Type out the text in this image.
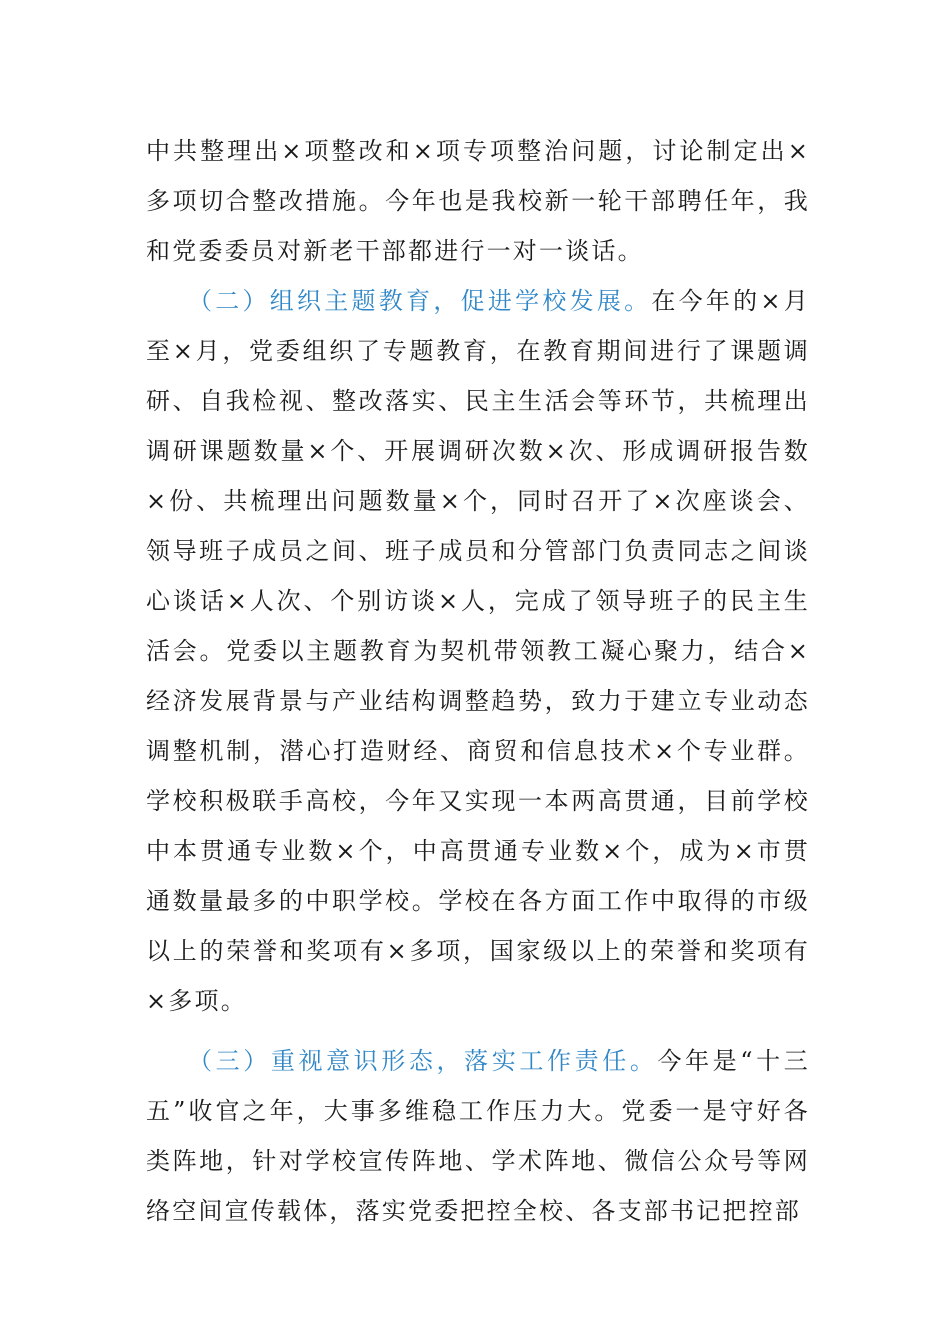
中共整理出×项整改和×项专项整治问题，讨论制定出×多项切合整改措施。今年也是我校新一轮干部聘任年，我和党委委员对新老干部都进行一对一谈话。

（二）组织主题教育，促进学校发展。在今年的×月至×月，党委组织了专题教育，在教育期间进行了课题调研、自我检视、整改落实、民主生活会等环节，共梳理出调研课题数量×个、开展调研次数×次、形成调研报告数×份、共梳理出问题数量×个，同时召开了×次座谈会、领导班子成员之间、班子成员和分管部门负责同志之间谈心谈话×人次、个别访谈×人，完成了领导班子的民主生活会。党委以主题教育为契机带领教工凝心聚力，结合×经济发展背景与产业结构调整趋势，致力于建立专业动态调整机制，潜心打造财经、商贸和信息技术×个专业群。学校积极联手高校，今年又实现一本两高贯通，目前学校中本贯通专业数×个，中高贯通专业数×个，成为×市贯通数量最多的中职学校。学校在各方面工作中取得的市级以上的荣誉和奖项有×多项，国家级以上的荣誉和奖项有×多项。

（三）重视意识形态，落实工作责任。今年是“十三五”收官之年，大事多维稳工作压力大。党委一是守好各类阵地，针对学校宣传阵地、学术阵地、微信公众号等网络空间宣传载体，落实党委把控全校、各支部书记把控部
